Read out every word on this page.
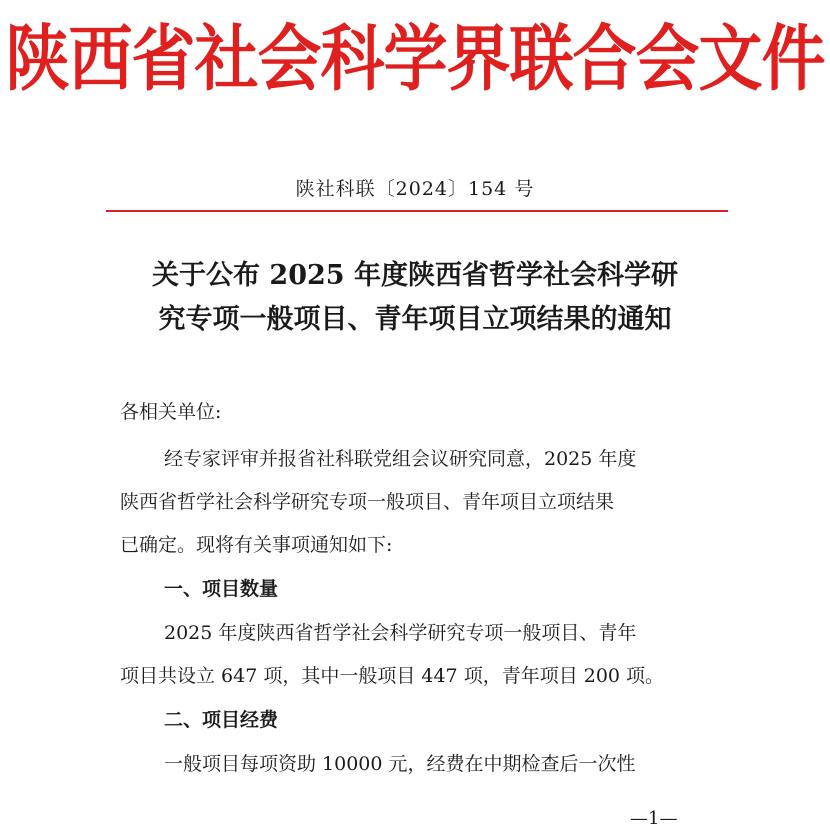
陕西省社会科学界联合会文件
陕社科联〔2024〕154 号
关于公布 2025 年度陕西省哲学社会科学研
究专项一般项目、青年项目立项结果的通知
各相关单位:
经专家评审并报省社科联党组会议研究同意，2025 年度
陕西省哲学社会科学研究专项一般项目、青年项目立项结果
已确定。现将有关事项通知如下:
一、项目数量
2025 年度陕西省哲学社会科学研究专项一般项目、青年
项目共设立 647 项，其中一般项目 447 项，青年项目 200 项。
二、项目经费
一般项目每项资助 10000 元，经费在中期检查后一次性
—1—
